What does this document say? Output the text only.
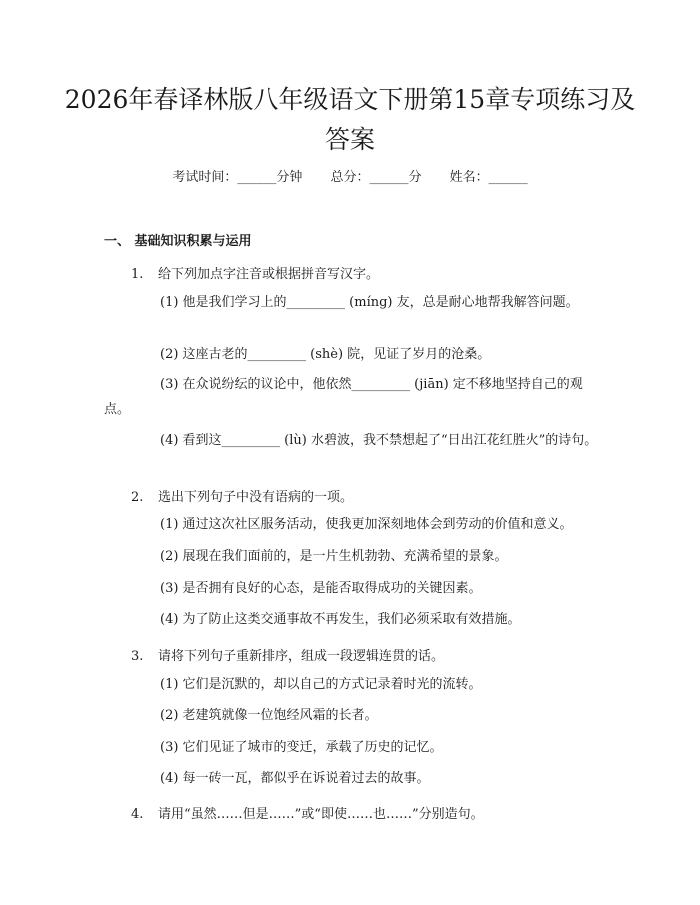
2026年春译林版八年级语文下册第15章专项练习及答案
考试时间：______分钟 总分：______分 姓名：______
一、 基础知识积累与运用
1. 给下列加点字注音或根据拼音写汉字。
(1) 他是我们学习上的_________ (míng) 友，总是耐心地帮我解答问题。
(2) 这座古老的_________ (shè) 院，见证了岁月的沧桑。
(3) 在众说纷纭的议论中，他依然_________ (jiān) 定不移地坚持自己的观点。
(4) 看到这_________ (lù) 水碧波，我不禁想起了“日出江花红胜火”的诗句。
2. 选出下列句子中没有语病的一项。
(1) 通过这次社区服务活动，使我更加深刻地体会到劳动的价值和意义。
(2) 展现在我们面前的，是一片生机勃勃、充满希望的景象。
(3) 是否拥有良好的心态，是能否取得成功的关键因素。
(4) 为了防止这类交通事故不再发生，我们必须采取有效措施。
3. 请将下列句子重新排序，组成一段逻辑连贯的话。
(1) 它们是沉默的，却以自己的方式记录着时光的流转。
(2) 老建筑就像一位饱经风霜的长者。
(3) 它们见证了城市的变迁，承载了历史的记忆。
(4) 每一砖一瓦，都似乎在诉说着过去的故事。
4. 请用“虽然……但是……”或“即使……也……”分别造句。
